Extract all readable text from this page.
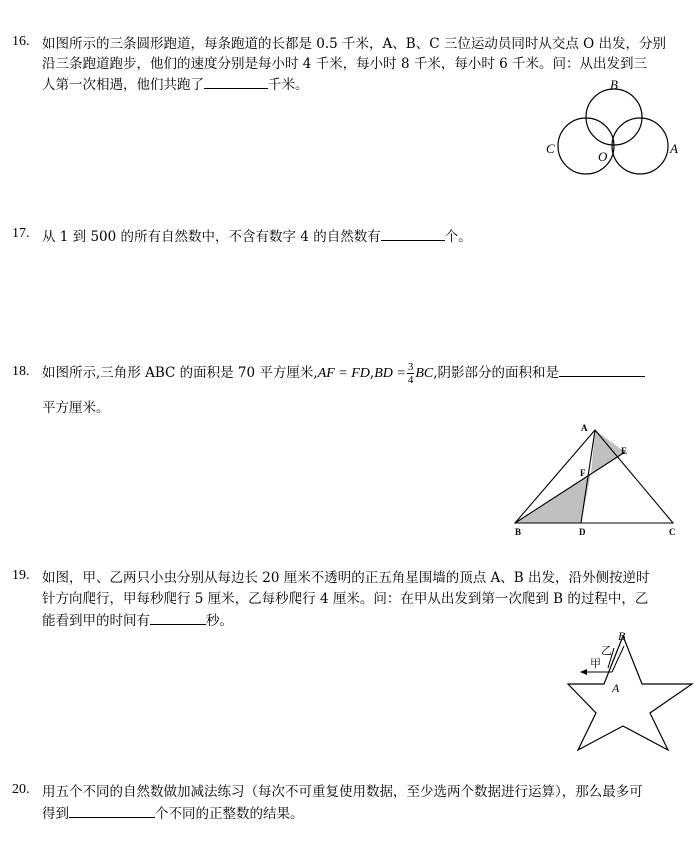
16. 如图所示的三条圆形跑道，每条跑道的长都是 0.5 千米，A、B、C 三位运动员同时从交点 O 出发，分别
沿三条跑道跑步，他们的速度分别是每小时 4 千米，每小时 8 千米，每小时 6 千米。问：从出发到三
人第一次相遇，他们共跑了	千米。	B
C
O
A
17. 从 1 到 500 的所有自然数中，不含有数字 4 的自然数有	个。
18. 如图所示,三角形 ABC 的面积是 70 平方厘米$,AF = FD,BD = \frac{3}{4}$ BC,阴影部分的面积和是
平方厘米。
A
E
F
B	D	C
19. 如图，甲、乙两只小虫分别从每边长 20 厘米不透明的正五角星围墙的顶点 A、B 出发，沿外侧按逆时
针方向爬行，甲每秒爬行 5 厘米，乙每秒爬行 4 厘米。问：在甲从出发到第一次爬到 B 的过程中，乙
能看到甲的时间有	秒。
B
乙
甲
A
20. 用五个不同的自然数做加减法练习（每次不可重复使用数据，至少选两个数据进行运算），那么最多可
得到	个不同的正整数的结果。
